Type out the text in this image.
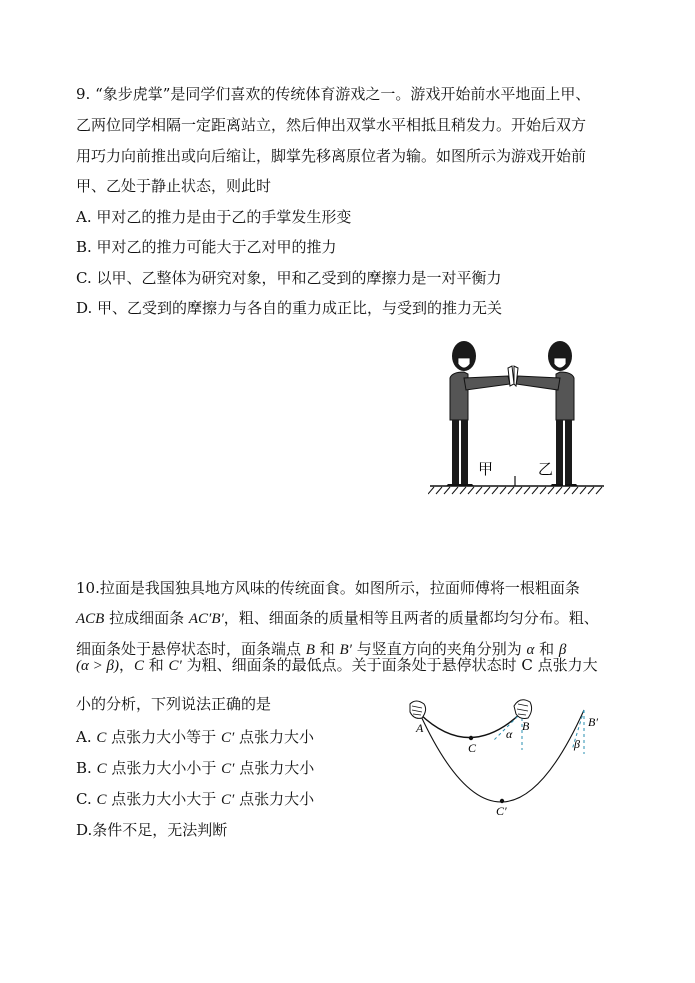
9. “象步虎掌”是同学们喜欢的传统体育游戏之一。游戏开始前水平地面上甲、
乙两位同学相隔一定距离站立，然后伸出双掌水平相抵且稍发力。开始后双方
用巧力向前推出或向后缩让，脚掌先移离原位者为输。如图所示为游戏开始前
甲、乙处于静止状态，则此时
A. 甲对乙的推力是由于乙的手掌发生形变
B. 甲对乙的推力可能大于乙对甲的推力
C. 以甲、乙整体为研究对象，甲和乙受到的摩擦力是一对平衡力
D. 甲、乙受到的摩擦力与各自的重力成正比，与受到的推力无关
甲	乙
10.拉面是我国独具地方风味的传统面食。如图所示，拉面师傅将一根粗面条
ACB 拉成细面条 AC′B′，粗、细面条的质量相等且两者的质量都均匀分布。粗、
细面条处于悬停状态时，面条端点 B 和 B′ 与竖直方向的夹角分别为 α 和 β
(α > β)，C 和 C′ 为粗、细面条的最低点。关于面条处于悬停状态时 C 点张力大
小的分析，下列说法正确的是
A. C 点张力大小等于 C′ 点张力大小
B. C 点张力大小小于 C′ 点张力大小
C. C 点张力大小大于 C′ 点张力大小
D.条件不足，无法判断
A
C
B
α
B′
β
C′
